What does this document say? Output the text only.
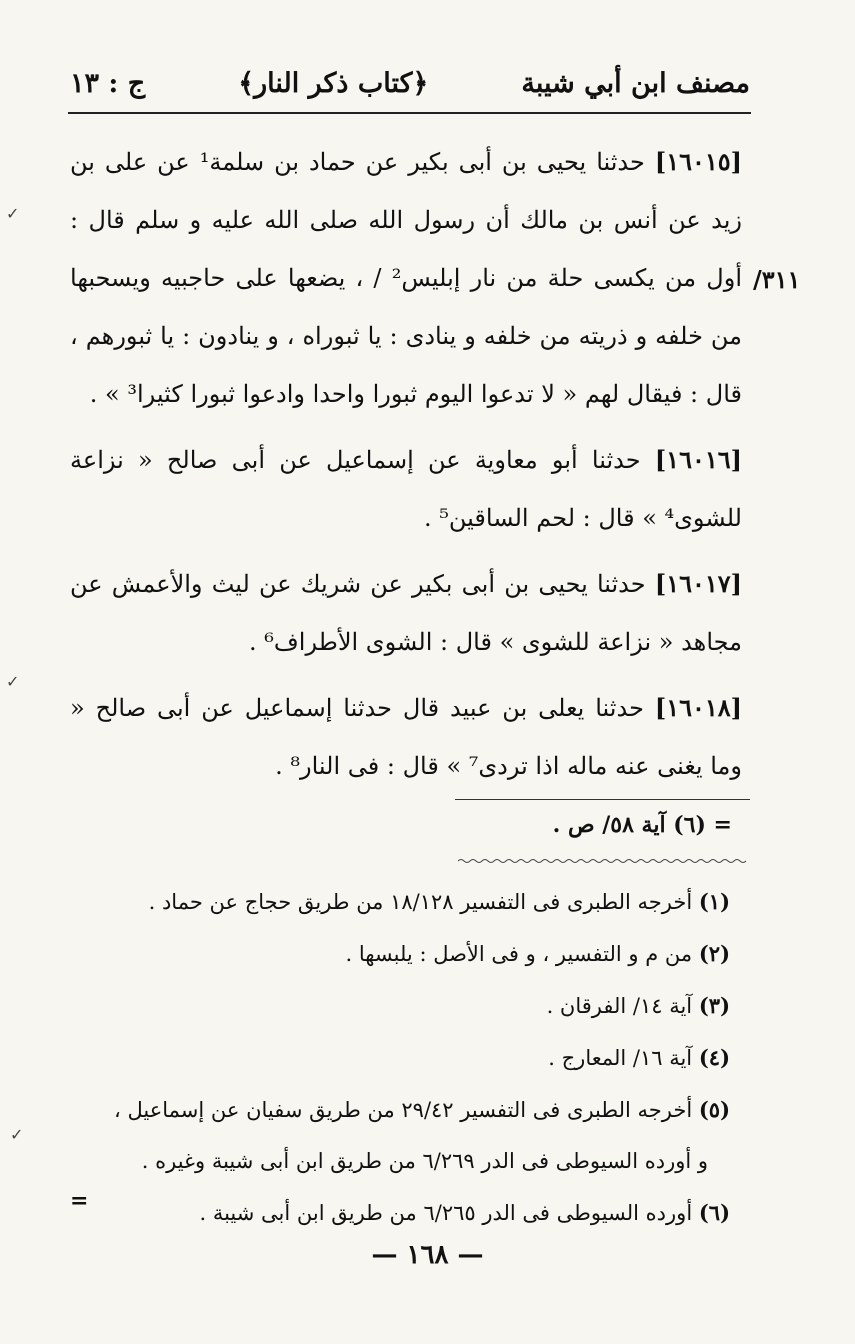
مصنف ابن أبي شيبة
﴿كتاب ذكر النار﴾
ج : ١٣
٣١١/
✓
✓
✓

[١٦٠١٥] حدثنا يحيى بن أبى بكير عن حماد بن سلمة¹ عن على بن زيد عن أنس بن مالك أن رسول الله صلى الله عليه و سلم قال : أول من يكسى حلة من نار إبليس² / ، يضعها على حاجبيه ويسحبها من خلفه و ذريته من خلفه و ينادى : يا ثبوراه ، و ينادون : يا ثبورهم ، قال : فيقال لهم « لا تدعوا اليوم ثبورا واحدا وادعوا ثبورا كثيرا³ » .

[١٦٠١٦] حدثنا أبو معاوية عن إسماعيل عن أبى صالح « نزاعة للشوى⁴ » قال : لحم الساقين⁵ .

[١٦٠١٧] حدثنا يحيى بن أبى بكير عن شريك عن ليث والأعمش عن مجاهد « نزاعة للشوى » قال : الشوى الأطراف⁶ .

[١٦٠١٨] حدثنا يعلى بن عبيد قال حدثنا إسماعيل عن أبى صالح « وما يغنى عنه ماله اذا تردى⁷ » قال : فى النار⁸ .

= (٦) آية ٥٨/ ص .

(١) أخرجه الطبرى فى التفسير ١٨/١٢٨ من طريق حجاج عن حماد .

(٢) من م و التفسير ، و فى الأصل : يلبسها .

(٣) آية ١٤/ الفرقان .

(٤) آية ١٦/ المعارج .

(٥) أخرجه الطبرى فى التفسير ٢٩/٤٢ من طريق سفيان عن إسماعيل ،

و أورده السيوطى فى الدر ٦/٢٦٩ من طريق ابن أبى شيبة وغيره .

(٦) أورده السيوطى فى الدر ٦/٢٦٥ من طريق ابن أبى شيبة .

=
— ١٦٨ —
